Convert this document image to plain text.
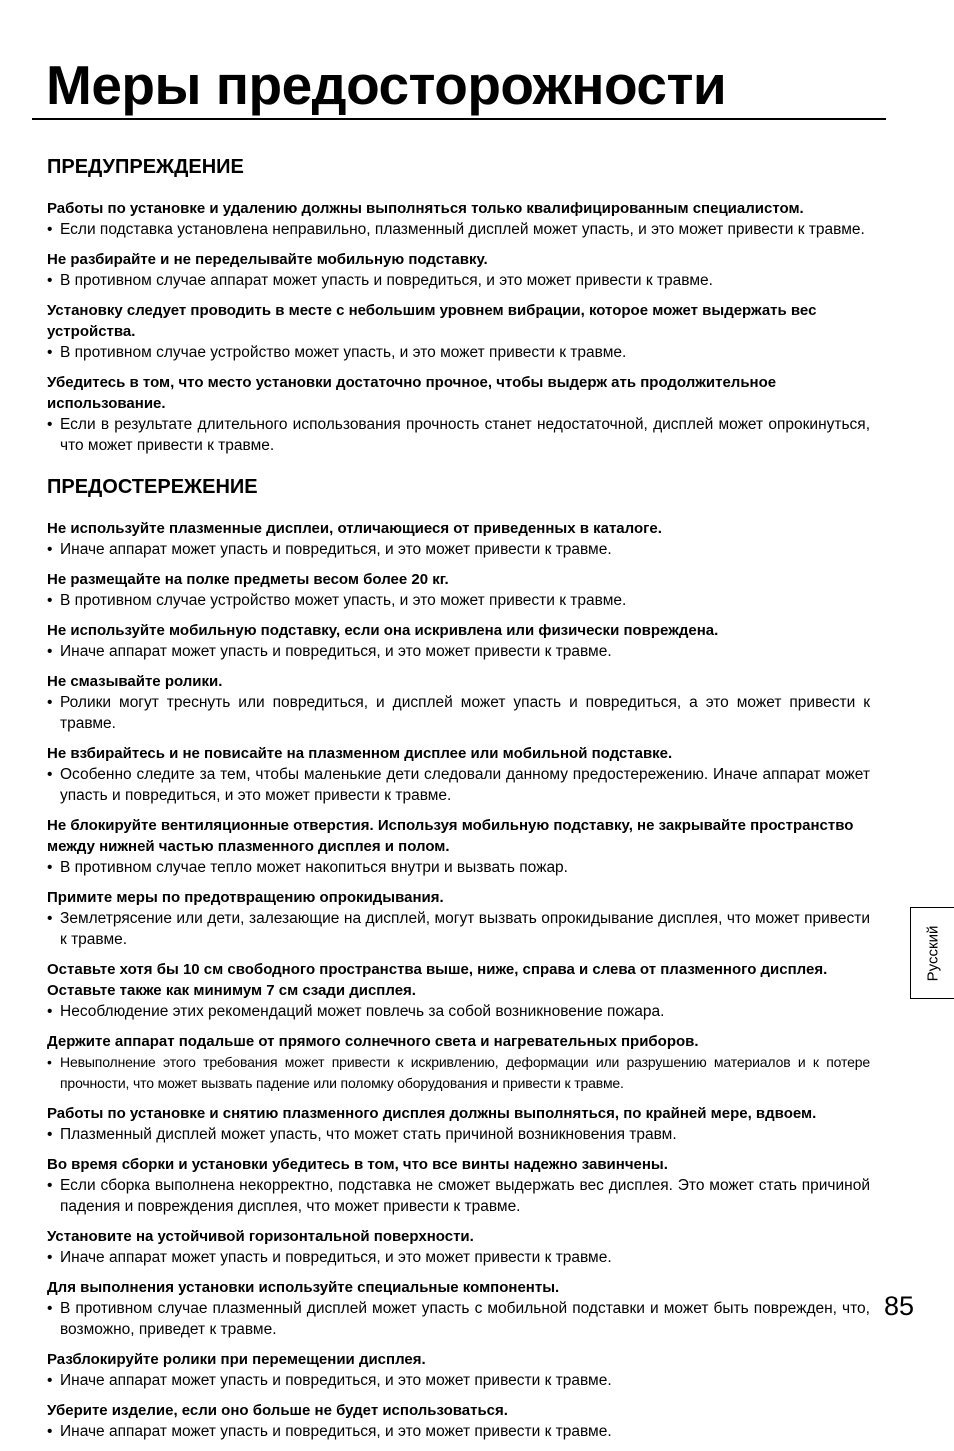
Меры предосторожности
ПРЕДУПРЕЖДЕНИЕ
Работы по установке и удалению должны выполняться только квалифицированным специалистом.
• Если подставка установлена неправильно, плазменный дисплей может упасть, и это может привести к травме.
Не разбирайте и не переделывайте мобильную подставку.
• В противном случае аппарат может упасть и повредиться, и это может привести к травме.
Установку следует проводить в месте с небольшим уровнем вибрации, которое может выдержать вес устройства.
• В противном случае устройство может упасть, и это может привести к травме.
Убедитесь в том, что место установки достаточно прочное, чтобы выдерж ать продолжительное использование.
• Если в результате длительного использования прочность станет недостаточной, дисплей может опрокинуться, что может привести к травме.
ПРЕДОСТЕРЕЖЕНИЕ
Не используйте плазменные дисплеи, отличающиеся от приведенных в каталоге.
• Иначе аппарат может упасть и повредиться, и это может привести к травме.
Не размещайте на полке предметы весом более 20 кг.
• В противном случае устройство может упасть, и это может привести к травме.
Не используйте мобильную подставку, если она искривлена или физически повреждена.
• Иначе аппарат может упасть и повредиться, и это может привести к травме.
Не смазывайте ролики.
• Ролики могут треснуть или повредиться, и дисплей может упасть и повредиться, а это может привести к травме.
Не взбирайтесь и не повисайте на плазменном дисплее или мобильной подставке.
• Особенно следите за тем, чтобы маленькие дети следовали данному предостережению. Иначе аппарат может упасть и повредиться, и это может привести к травме.
Не блокируйте вентиляционные отверстия. Используя мобильную подставку, не закрывайте пространство между нижней частью плазменного дисплея и полом.
• В противном случае тепло может накопиться внутри и вызвать пожар.
Примите меры по предотвращению опрокидывания.
• Землетрясение или дети, залезающие на дисплей, могут вызвать опрокидывание дисплея, что может привести к травме.
Оставьте хотя бы 10 см свободного пространства выше, ниже, справа и слева от плазменного дисплея. Оставьте также как минимум 7 см сзади дисплея.
• Несоблюдение этих рекомендаций может повлечь за собой возникновение пожара.
Держите аппарат подальше от прямого солнечного света и нагревательных приборов.
• Невыполнение этого требования может привести к искривлению, деформации или разрушению материалов и к потере прочности, что может вызвать падение или поломку оборудования и привести к травме.
Работы по установке и снятию плазменного дисплея должны выполняться, по крайней мере, вдвоем.
• Плазменный дисплей может упасть, что может стать причиной возникновения травм.
Во время сборки и установки убедитесь в том, что все винты надежно завинчены.
• Если сборка выполнена некорректно, подставка не сможет выдержать вес дисплея. Это может стать причиной падения и повреждения дисплея, что может привести к травме.
Установите на устойчивой горизонтальной поверхности.
• Иначе аппарат может упасть и повредиться, и это может привести к травме.
Для выполнения установки используйте специальные компоненты.
• В противном случае плазменный дисплей может упасть с мобильной подставки и может быть поврежден, что, возможно, приведет к травме.
Разблокируйте ролики при перемещении дисплея.
• Иначе аппарат может упасть и повредиться, и это может привести к травме.
Уберите изделие, если оно больше не будет использоваться.
• Иначе аппарат может упасть и повредиться, и это может привести к травме.
Русский
85
